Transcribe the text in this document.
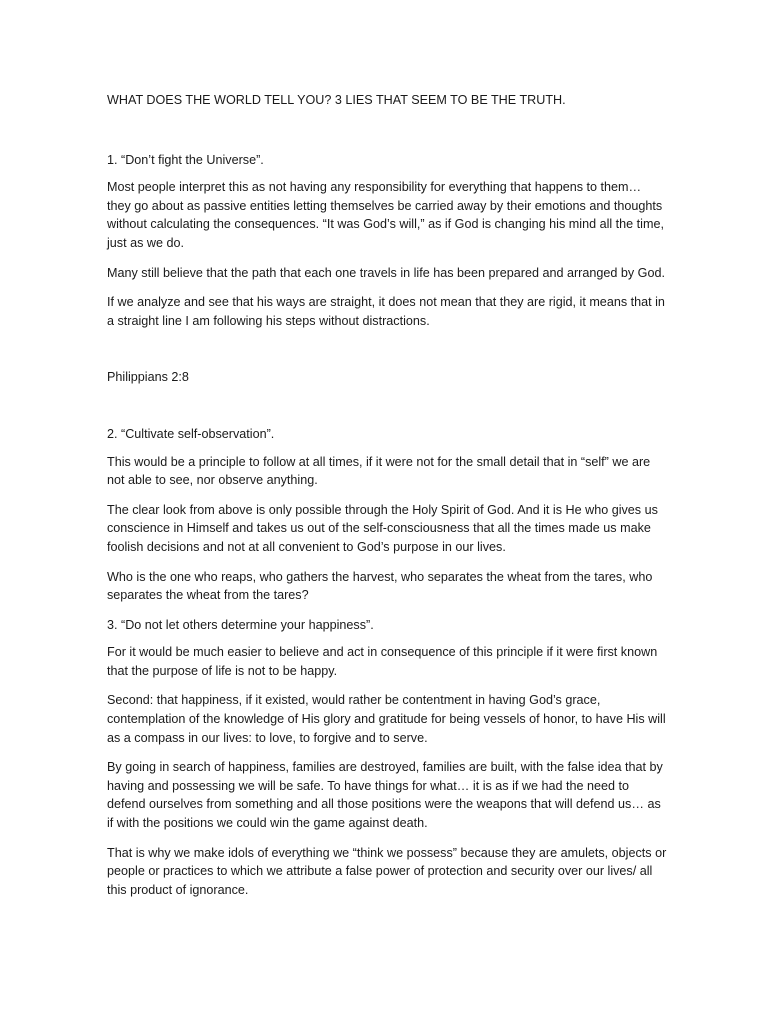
WHAT DOES THE WORLD TELL YOU? 3 LIES THAT SEEM TO BE THE TRUTH.

1. “Don’t fight the Universe”.

Most people interpret this as not having any responsibility for everything that happens to them… they go about as passive entities letting themselves be carried away by their emotions and thoughts without calculating the consequences. “It was God’s will,” as if God is changing his mind all the time, just as we do.

Many still believe that the path that each one travels in life has been prepared and arranged by God.

If we analyze and see that his ways are straight, it does not mean that they are rigid, it means that in a straight line I am following his steps without distractions.

Philippians 2:8

2. “Cultivate self-observation”.

This would be a principle to follow at all times, if it were not for the small detail that in “self” we are not able to see, nor observe anything.

The clear look from above is only possible through the Holy Spirit of God. And it is He who gives us conscience in Himself and takes us out of the self-consciousness that all the times made us make foolish decisions and not at all convenient to God’s purpose in our lives.

Who is the one who reaps, who gathers the harvest, who separates the wheat from the tares, who separates the wheat from the tares?

3. “Do not let others determine your happiness”.

For it would be much easier to believe and act in consequence of this principle if it were first known that the purpose of life is not to be happy.

Second: that happiness, if it existed, would rather be contentment in having God’s grace, contemplation of the knowledge of His glory and gratitude for being vessels of honor, to have His will as a compass in our lives: to love, to forgive and to serve.

By going in search of happiness, families are destroyed, families are built, with the false idea that by having and possessing we will be safe. To have things for what… it is as if we had the need to defend ourselves from something and all those positions were the weapons that will defend us… as if with the positions we could win the game against death.

That is why we make idols of everything we “think we possess” because they are amulets, objects or people or practices to which we attribute a false power of protection and security over our lives/ all this product of ignorance.
